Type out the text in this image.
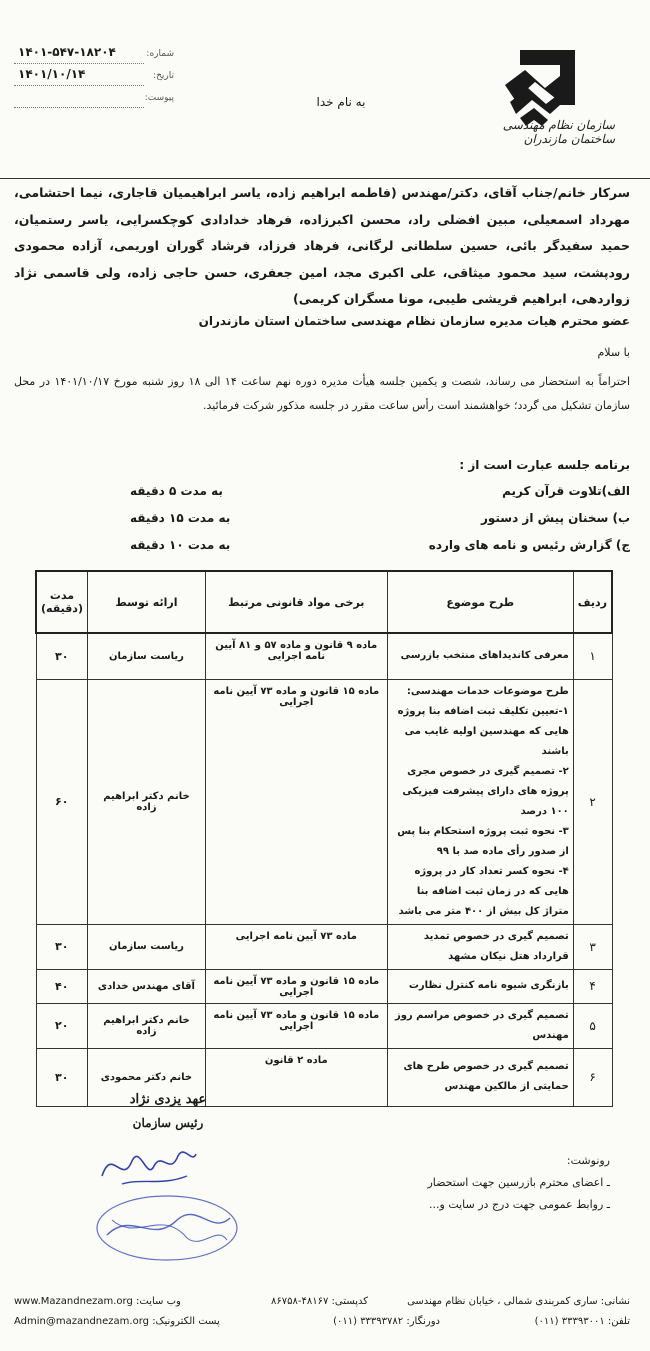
سازمان نظام مهندسی ساختمان مازندران
به نام خدا
شماره:
۱۴۰۱-۵۴۷-۱۸۲۰۴
تاریخ:
۱۴۰۱/۱۰/۱۴
پیوست:

سرکار خانم/جناب آقای، دکتر/مهندس (فاطمه ابراهیم زاده، یاسر ابراهیمیان قاجاری، نیما احتشامی، مهرداد اسمعیلی، مبین افضلی راد، محسن اکبرزاده، فرهاد خدادادی کوچکسرایی، یاسر رستمیان، حمید سفیدگر بائی، حسین سلطانی لرگانی، فرهاد فرزاد، فرشاد گوران اوریمی، آزاده محمودی رودپشت، سید محمود میثاقی، علی اکبری مجد، امین جعفری، حسن حاجی زاده، ولی قاسمی نژاد زواردهی، ابراهیم قریشی طیبی، مونا مسگران کریمی)

عضو محترم هیات مدیره سازمان نظام مهندسی ساختمان استان مازندران

با سلام

احتراماً به استحضار می رساند، شصت و یکمین جلسه هیأت مدیره دوره نهم ساعت ۱۴ الی ۱۸ روز شنبه مورخ ۱۴۰۱/۱۰/۱۷ در محل سازمان تشکیل می گردد؛ خواهشمند است رأس ساعت مقرر در جلسه مذکور شرکت فرمائید.

برنامه جلسه عبارت است از :

الف)تلاوت قرآن کریم
به مدت ۵ دقیقه
ب) سخنان پیش از دستور
به مدت ۱۵ دقیقه
ج) گزارش رئیس و نامه های وارده
به مدت ۱۰ دقیقه
ردیف	طرح موضوع	برخی مواد قانونی مرتبط	ارائه توسط	مدت
(دقیقه)
۱	معرفی کاندیداهای منتخب بازرسی	ماده ۹ قانون و ماده ۵۷ و ۸۱ آیین نامه اجرایی	ریاست سازمان	۳۰
۲	طرح موضوعات خدمات مهندسی:
۱-تعیین تکلیف ثبت اضافه بنا پروژه هایی که مهندسین اولیه غایب می باشند
۲- تصمیم گیری در خصوص مجری پروژه های دارای پیشرفت فیزیکی ۱۰۰ درصد
۳- نحوه ثبت پروژه استحکام بنا پس از صدور رأی ماده صد با ۹۹
۴- نحوه کسر تعداد کار در پروژه هایی که در زمان ثبت اضافه بنا متراژ کل بیش از ۴۰۰ متر می باشد	ماده ۱۵ قانون و ماده ۷۳ آیین نامه اجرایی	خانم دکتر ابراهیم زاده	۶۰
۳	تصمیم گیری در خصوص تمدید قرارداد هتل نیکان مشهد	ماده ۷۳ آیین نامه اجرایی	ریاست سازمان	۳۰
۴	بازنگری شیوه نامه کنترل نظارت	ماده ۱۵ قانون و ماده ۷۳ آیین نامه اجرایی	آقای مهندس خدادی	۴۰
۵	تصمیم گیری در خصوص مراسم روز مهندس	ماده ۱۵ قانون و ماده ۷۳ آیین نامه اجرایی	خانم دکتر ابراهیم زاده	۲۰
۶	تصمیم گیری در خصوص طرح های حمایتی از مالکین مهندس	ماده ۲ قانون	خانم دکتر محمودی	۳۰
عهد یزدی نژاد
رئیس سازمان
رونوشت:
ـ اعضای محترم بازرسین جهت استحضار
ـ روابط عمومی جهت درج در سایت و...
نشانی: ساری کمربندی شمالی ، خیابان نظام مهندسی
کدپستی: ۴۸۱۶۷-۸۶۷۵۸
وب سایت: www.Mazandnezam.org
تلفن: ۳۳۳۹۳۰۰۱ (۰۱۱)
دورنگار: ۳۳۳۹۳۷۸۲ (۰۱۱)
پست الکترونیک: Admin@mazandnezam.org
